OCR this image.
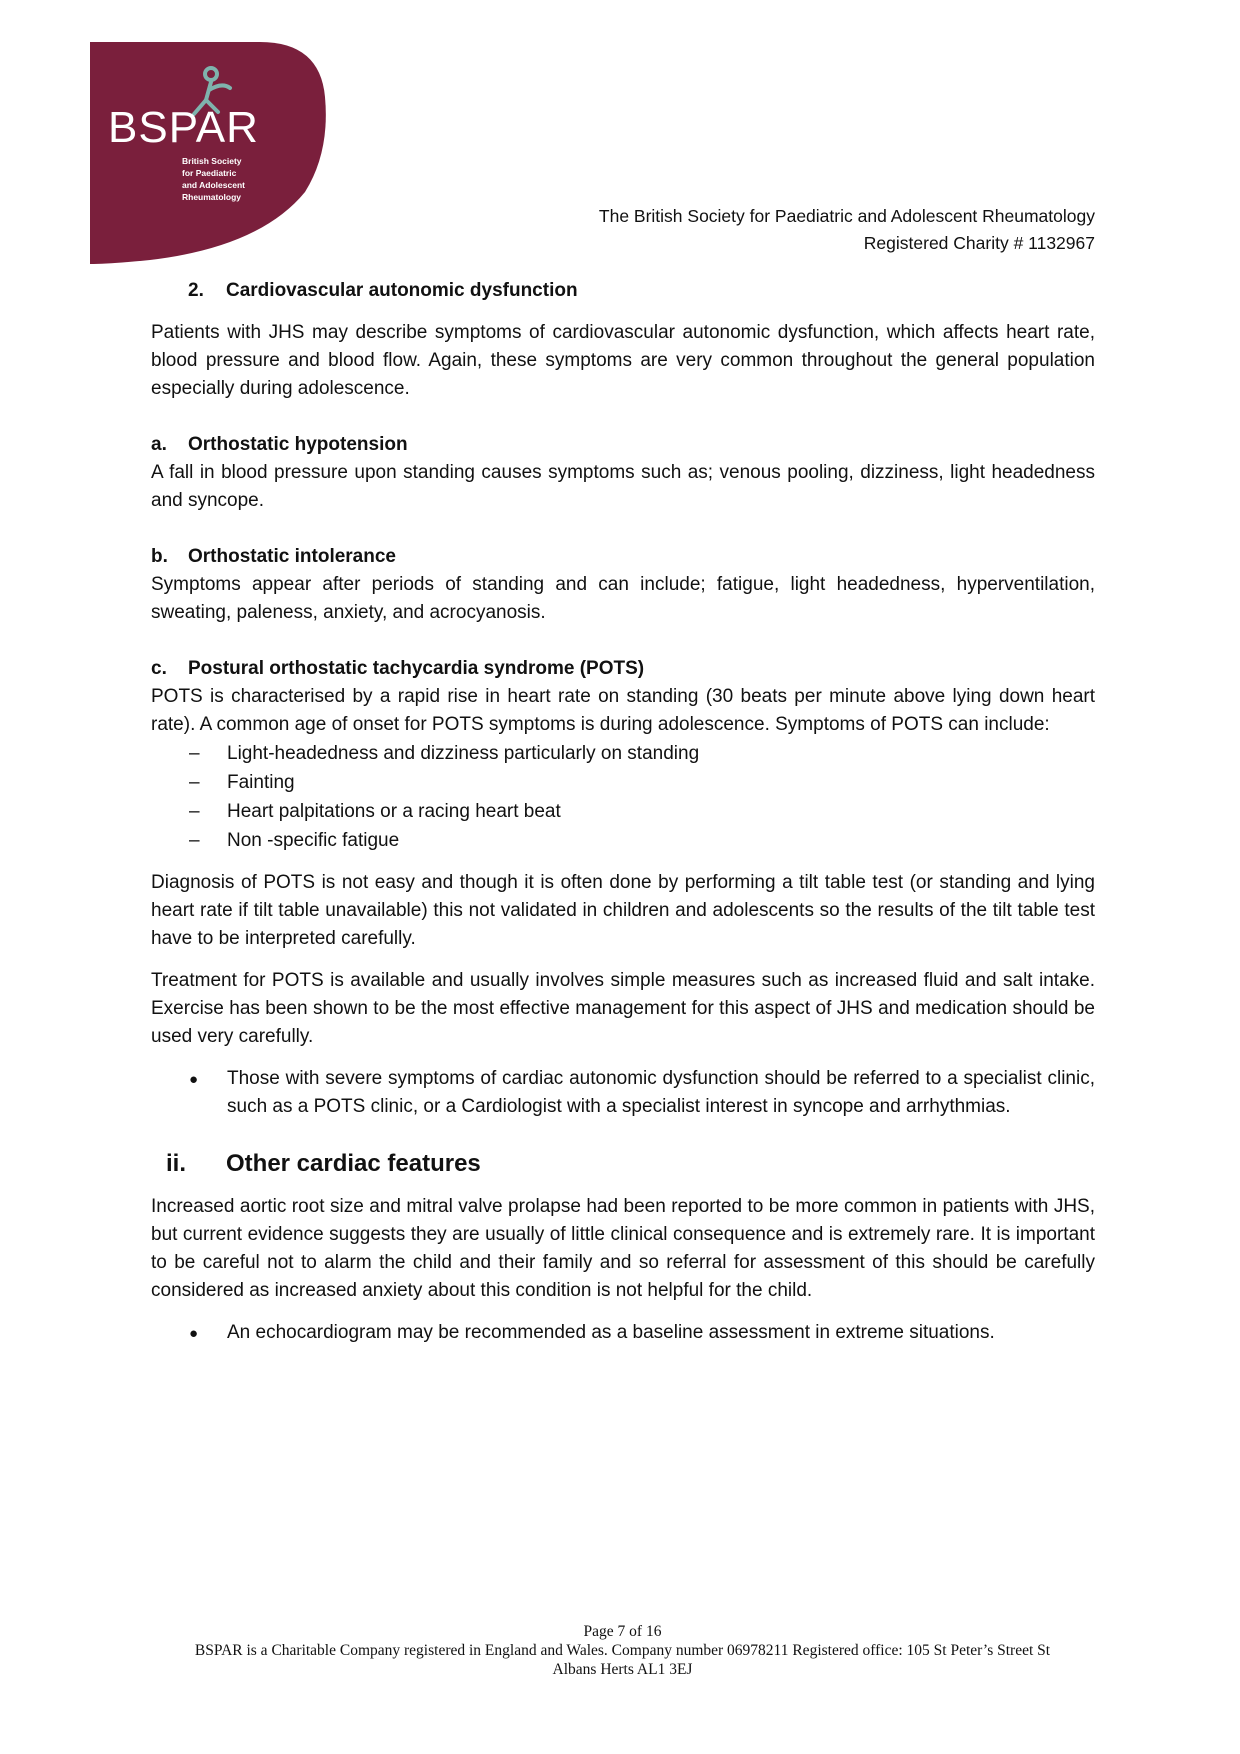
BSPAR
British Society
for Paediatric
and Adolescent
Rheumatology
The British Society for Paediatric and Adolescent Rheumatology
Registered Charity # 1132967
2.	Cardiovascular autonomic dysfunction

Patients with JHS may describe symptoms of cardiovascular autonomic dysfunction, which affects heart rate, blood pressure and blood flow. Again, these symptoms are very common throughout the general population especially during adolescence.

a.	Orthostatic hypotension

A fall in blood pressure upon standing causes symptoms such as; venous pooling, dizziness, light headedness and syncope.

b.	Orthostatic intolerance

Symptoms appear after periods of standing and can include; fatigue, light headedness, hyperventilation, sweating, paleness, anxiety, and acrocyanosis.

c.	Postural orthostatic tachycardia syndrome (POTS)

POTS is characterised by a rapid rise in heart rate on standing (30 beats per minute above lying down heart rate). A common age of onset for POTS symptoms is during adolescence. Symptoms of POTS can include:

–	Light-headedness and dizziness particularly on standing
–	Fainting
–	Heart palpitations or a racing heart beat
–	Non -specific fatigue

Diagnosis of POTS is not easy and though it is often done by performing a tilt table test (or standing and lying heart rate if tilt table unavailable) this not validated in children and adolescents so the results of the tilt table test have to be interpreted carefully.

Treatment for POTS is available and usually involves simple measures such as increased fluid and salt intake. Exercise has been shown to be the most effective management for this aspect of JHS and medication should be used very carefully.

●	Those with severe symptoms of cardiac autonomic dysfunction should be referred to a specialist clinic, such as a POTS clinic, or a Cardiologist with a specialist interest in syncope and arrhythmias.
ii.	Other cardiac features

Increased aortic root size and mitral valve prolapse had been reported to be more common in patients with JHS, but current evidence suggests they are usually of little clinical consequence and is extremely rare. It is important to be careful not to alarm the child and their family and so referral for assessment of this should be carefully considered as increased anxiety about this condition is not helpful for the child.

●	An echocardiogram may be recommended as a baseline assessment in extreme situations.
Page 7 of 16
BSPAR is a Charitable Company registered in England and Wales. Company number 06978211 Registered office: 105 St Peter’s Street St
Albans Herts AL1 3EJ
